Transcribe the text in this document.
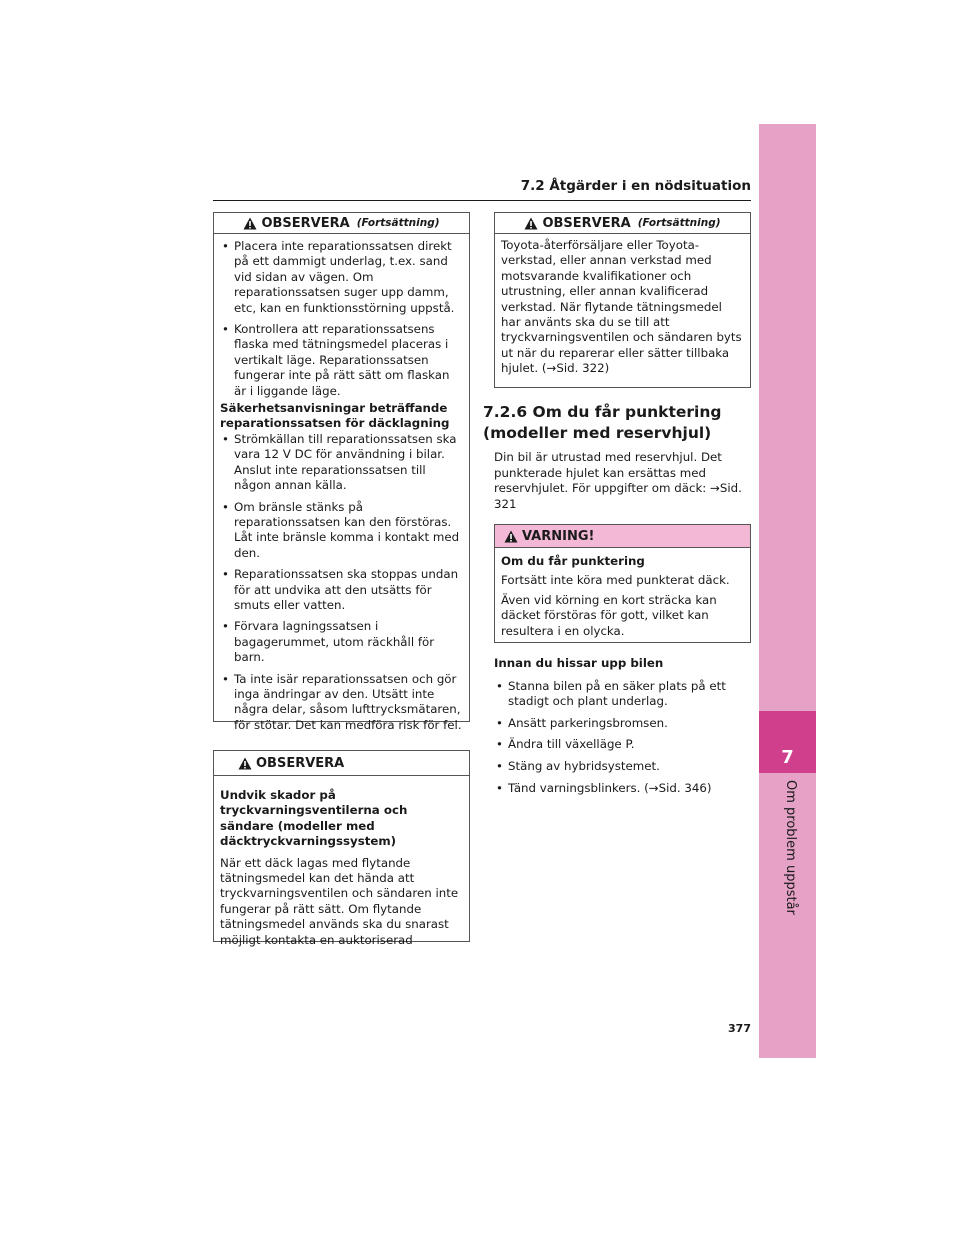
7.2 Åtgärder i en nödsituation
7
Om problem uppstår
377
OBSERVERA (Fortsättning)
• Placera inte reparationssatsen direkt på ett dammigt underlag, t.ex. sand vid sidan av vägen. Om reparationssatsen suger upp damm, etc, kan en funktionsstörning uppstå.
• Kontrollera att reparationssatsens flaska med tätningsmedel placeras i vertikalt läge. Reparationssatsen fungerar inte på rätt sätt om flaskan är i liggande läge.
Säkerhetsanvisningar beträffande reparationssatsen för däcklagning
• Strömkällan till reparationssatsen ska vara 12 V DC för användning i bilar. Anslut inte reparationssatsen till någon annan källa.
• Om bränsle stänks på reparationssatsen kan den förstöras. Låt inte bränsle komma i kontakt med den.
• Reparationssatsen ska stoppas undan för att undvika att den utsätts för smuts eller vatten.
• Förvara lagningssatsen i bagagerummet, utom räckhåll för barn.
• Ta inte isär reparationssatsen och gör inga ändringar av den. Utsätt inte några delar, såsom lufttrycksmätaren, för stötar. Det kan medföra risk för fel.
OBSERVERA
Undvik skador på tryckvarningsventilerna och sändare (modeller med däcktryckvarningssystem)

När ett däck lagas med flytande tätningsmedel kan det hända att tryckvarningsventilen och sändaren inte fungerar på rätt sätt. Om flytande tätningsmedel används ska du snarast möjligt kontakta en auktoriserad

OBSERVERA (Fortsättning)

Toyota-återförsäljare eller Toyota-verkstad, eller annan verkstad med motsvarande kvalifikationer och utrustning, eller annan kvalificerad verkstad. När flytande tätningsmedel har använts ska du se till att tryckvarningsventilen och sändaren byts ut när du reparerar eller sätter tillbaka hjulet. (→Sid. 322)

7.2.6 Om du får punktering
(modeller med reservhjul)
Din bil är utrustad med reservhjul. Det punkterade hjulet kan ersättas med reservhjulet. För uppgifter om däck: →Sid. 321
VARNING!
Om du får punktering

Fortsätt inte köra med punkterat däck.

Även vid körning en kort sträcka kan däcket förstöras för gott, vilket kan resultera i en olycka.

Innan du hissar upp bilen
• Stanna bilen på en säker plats på ett stadigt och plant underlag.
• Ansätt parkeringsbromsen.
• Ändra till växelläge P.
• Stäng av hybridsystemet.
• Tänd varningsblinkers. (→Sid. 346)
